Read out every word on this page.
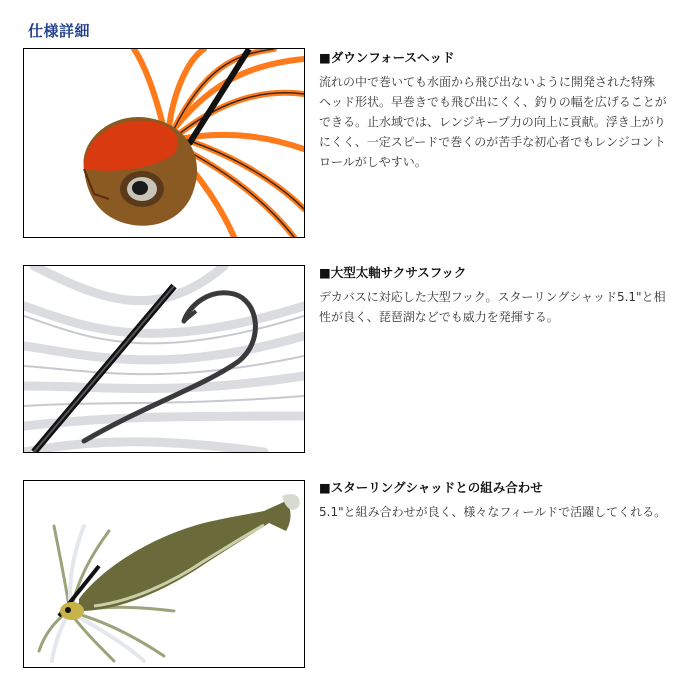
仕様詳細

■ダウンフォースヘッド

流れの中で巻いても水面から飛び出ないように開発された特殊
ヘッド形状。早巻きでも飛び出にくく、釣りの幅を広げることが
できる。止水域では、レンジキープ力の向上に貢献。浮き上がり
にくく、一定スピードで巻くのが苦手な初心者でもレンジコント
ロールがしやすい。

■大型太軸サクサスフック

デカバスに対応した大型フック。スターリングシャッド5.1"と相
性が良く、琵琶湖などでも威力を発揮する。

■スターリングシャッドとの組み合わせ

5.1"と組み合わせが良く、様々なフィールドで活躍してくれる。
